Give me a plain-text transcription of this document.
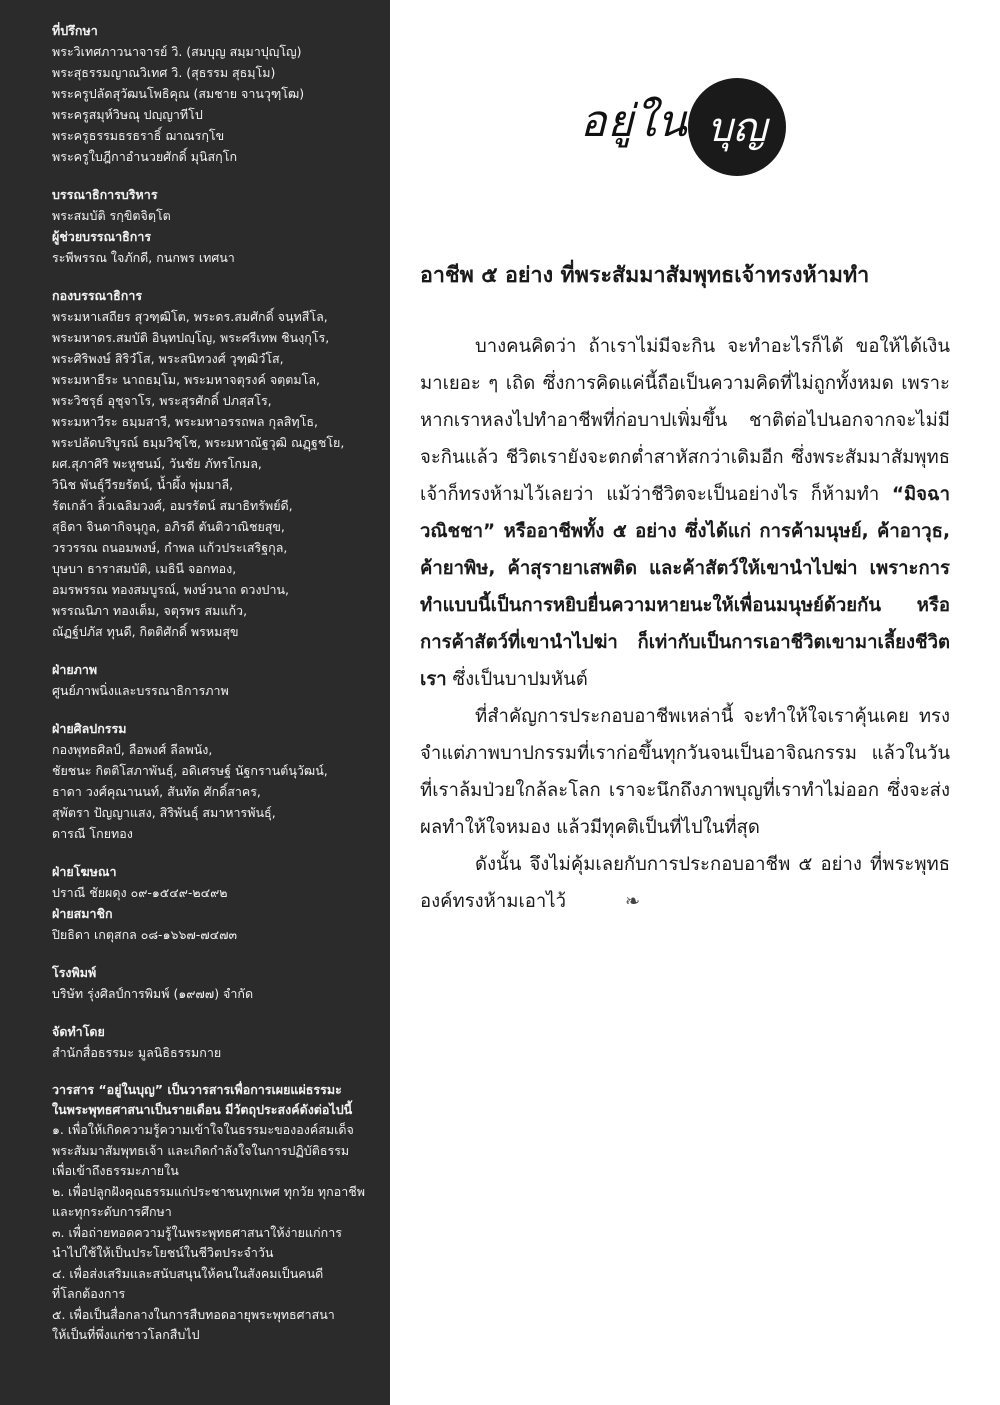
ที่ปรึกษา
พระวิเทศภาวนาจารย์ วิ. (สมบุญ สมฺมาปุญฺโญ)
พระสุธรรมญาณวิเทศ วิ. (สุธรรม สุธมฺโม)
พระครูปลัดสุวัฒนโพธิคุณ (สมชาย จานวุฑฺโฒ)
พระครูสมุห์วิษณุ ปญฺญาทีโป
พระครูธรรมธรธราธิ์ ฌาณรกฺโข
พระครูใบฎีกาอำนวยศักดิ์ มุนิสกฺโก
บรรณาธิการบริหาร
พระสมบัติ รกฺขิตจิตฺโต
ผู้ช่วยบรรณาธิการ
ระพีพรรณ ใจภักดี, กนกพร เทศนา
กองบรรณาธิการ
พระมหาเสถียร สุวฑฺฒิโต, พระดร.สมศักดิ์ จนฺทสีโล,
พระมหาดร.สมบัติ อินฺทปญฺโญ, พระศรีเทพ ชินงฺกุโร,
พระศิริพงษ์ สิริวํโส, พระสนิทวงศ์ วุฑฺฒิวํโส,
พระมหาธีระ นาถธมฺโม, พระมหาจตุรงค์ จตฺตมโล,
พระวิชรุธ์ อุชุจาโร, พระสุรศักดิ์ ปภสฺสโร,
พระมหาวีระ ธมฺมสารี, พระมหาอรรถพล กุลสิทฺโธ,
พระปลัดบริบูรณ์ ธมฺมวิชฺโช, พระมหาณัฐวุฒิ ณฏฺฐชโย,
ผศ.สุภาศิริ พะหูชนม์, วันชัย ภัทรโกมล,
วินิช พันธุ์วีรยรัตน์, น้ำผึ้ง พุ่มมาลี,
รัตเกล้า ลิ้วเฉลิมวงศ์, อมรรัตน์ สมาธิทรัพย์ดี,
สุธิดา จินดากิจนุกูล, อภิรดี ตันติวาณิชยสุข,
วรวรรณ ถนอมพงษ์, กำพล แก้วประเสริฐกุล,
บุษบา ธาราสมบัติ, เมธินี จอกทอง,
อมรพรรณ ทองสมบูรณ์, พงษ์วนาถ ดวงปาน,
พรรณนิภา ทองเต็ม, จตุรพร สมแก้ว,
ณัฏฐ์ปภัส ทุนดี, กิตติศักดิ์ พรหมสุข
ฝ่ายภาพ
ศูนย์ภาพนิ่งและบรรณาธิการภาพ
ฝ่ายศิลปกรรม
กองพุทธศิลป์, ลือพงศ์ ลีลพนัง,
ชัยชนะ กิตติโสภาพันธุ์, อดิเศรษฐ์ นัฐกรานต์นุวัฒน์,
ธาดา วงศ์คุณานนท์, สันทัด ศักดิ์สาคร,
สุพัตรา ปัญญาแสง, สิริพันธุ์ สมาหารพันธุ์,
ดารณี โกยทอง
ฝ่ายโฆษณา
ปราณี ชัยผดุง ๐๙-๑๕๔๙-๒๔๙๒
ฝ่ายสมาชิก
ปิยธิดา เกตุสกล ๐๘-๑๖๖๗-๗๔๗๓
โรงพิมพ์
บริษัท รุ่งศิลป์การพิมพ์ (๑๙๗๗) จำกัด
จัดทำโดย
สำนักสื่อธรรมะ มูลนิธิธรรมกาย
วารสาร “อยู่ในบุญ” เป็นวารสารเพื่อการเผยแผ่ธรรมะ
ในพระพุทธศาสนาเป็นรายเดือน มีวัตถุประสงค์ดังต่อไปนี้
๑. เพื่อให้เกิดความรู้ความเข้าใจในธรรมะขององค์สมเด็จ
พระสัมมาสัมพุทธเจ้า และเกิดกำลังใจในการปฏิบัติธรรม
เพื่อเข้าถึงธรรมะภายใน
๒. เพื่อปลูกฝังคุณธรรมแก่ประชาชนทุกเพศ ทุกวัย ทุกอาชีพ
และทุกระดับการศึกษา
๓. เพื่อถ่ายทอดความรู้ในพระพุทธศาสนาให้ง่ายแก่การ
นำไปใช้ให้เป็นประโยชน์ในชีวิตประจำวัน
๔. เพื่อส่งเสริมและสนับสนุนให้คนในสังคมเป็นคนดี
ที่โลกต้องการ
๕. เพื่อเป็นสื่อกลางในการสืบทอดอายุพระพุทธศาสนา
ให้เป็นที่พึ่งแก่ชาวโลกสืบไป
อยู่ใน บุญ
อาชีพ ๕ อย่าง ที่พระสัมมาสัมพุทธเจ้าทรงห้ามทำ

บางคนคิดว่า ถ้าเราไม่มีจะกิน จะทำอะไรก็ได้ ขอให้ได้เงินมาเยอะ ๆ เถิด ซึ่งการคิดแค่นี้ถือเป็นความคิดที่ไม่ถูกทั้งหมด เพราะหากเราหลงไปทำอาชีพที่ก่อบาปเพิ่มขึ้น ชาติต่อไปนอกจากจะไม่มีจะกินแล้ว ชีวิตเรายังจะตกต่ำสาหัสกว่าเดิมอีก ซึ่งพระสัมมาสัมพุทธเจ้าก็ทรงห้ามไว้เลยว่า แม้ว่าชีวิตจะเป็นอย่างไร ก็ห้ามทำ “มิจฉาวณิชชา” หรืออาชีพทั้ง ๕ อย่าง ซึ่งได้แก่ การค้ามนุษย์, ค้าอาวุธ, ค้ายาพิษ, ค้าสุรายาเสพติด และค้าสัตว์ให้เขานำไปฆ่า เพราะการทำแบบนี้เป็นการหยิบยื่นความหายนะให้เพื่อนมนุษย์ด้วยกัน หรือการค้าสัตว์ที่เขานำไปฆ่า ก็เท่ากับเป็นการเอาชีวิตเขามาเลี้ยงชีวิตเรา ซึ่งเป็นบาปมหันต์

ที่สำคัญการประกอบอาชีพเหล่านี้ จะทำให้ใจเราคุ้นเคย ทรงจำแต่ภาพบาปกรรมที่เราก่อขึ้นทุกวันจนเป็นอาจิณกรรม แล้วในวันที่เราล้มป่วยใกล้ละโลก เราจะนึกถึงภาพบุญที่เราทำไม่ออก ซึ่งจะส่งผลทำให้ใจหมอง แล้วมีทุคติเป็นที่ไปในที่สุด

ดังนั้น จึงไม่คุ้มเลยกับการประกอบอาชีพ ๕ อย่าง ที่พระพุทธองค์ทรงห้ามเอาไว้	❧
